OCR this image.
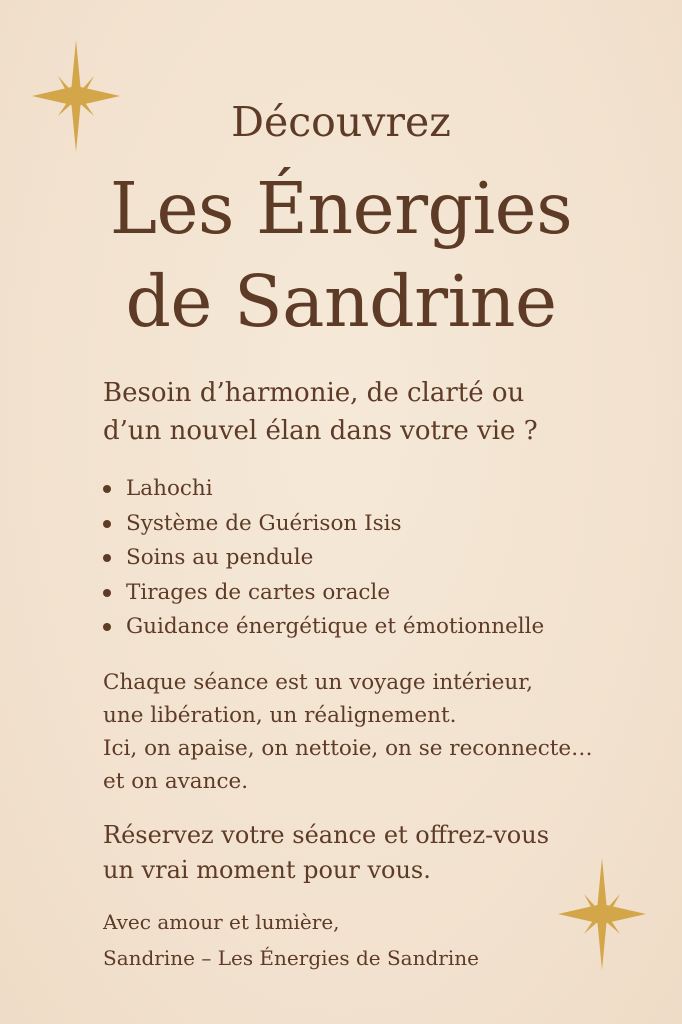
Découvrez
Les Énergies
de Sandrine

Besoin d’harmonie, de clarté ou
d’un nouvel élan dans votre vie ?

Lahochi
Système de Guérison Isis
Soins au pendule
Tirages de cartes oracle
Guidance énergétique et émotionnelle

Chaque séance est un voyage intérieur,
une libération, un réalignement.
Ici, on apaise, on nettoie, on se reconnecte…
et on avance.

Réservez votre séance et offrez-vous
un vrai moment pour vous.

Avec amour et lumière,
Sandrine – Les Énergies de Sandrine
